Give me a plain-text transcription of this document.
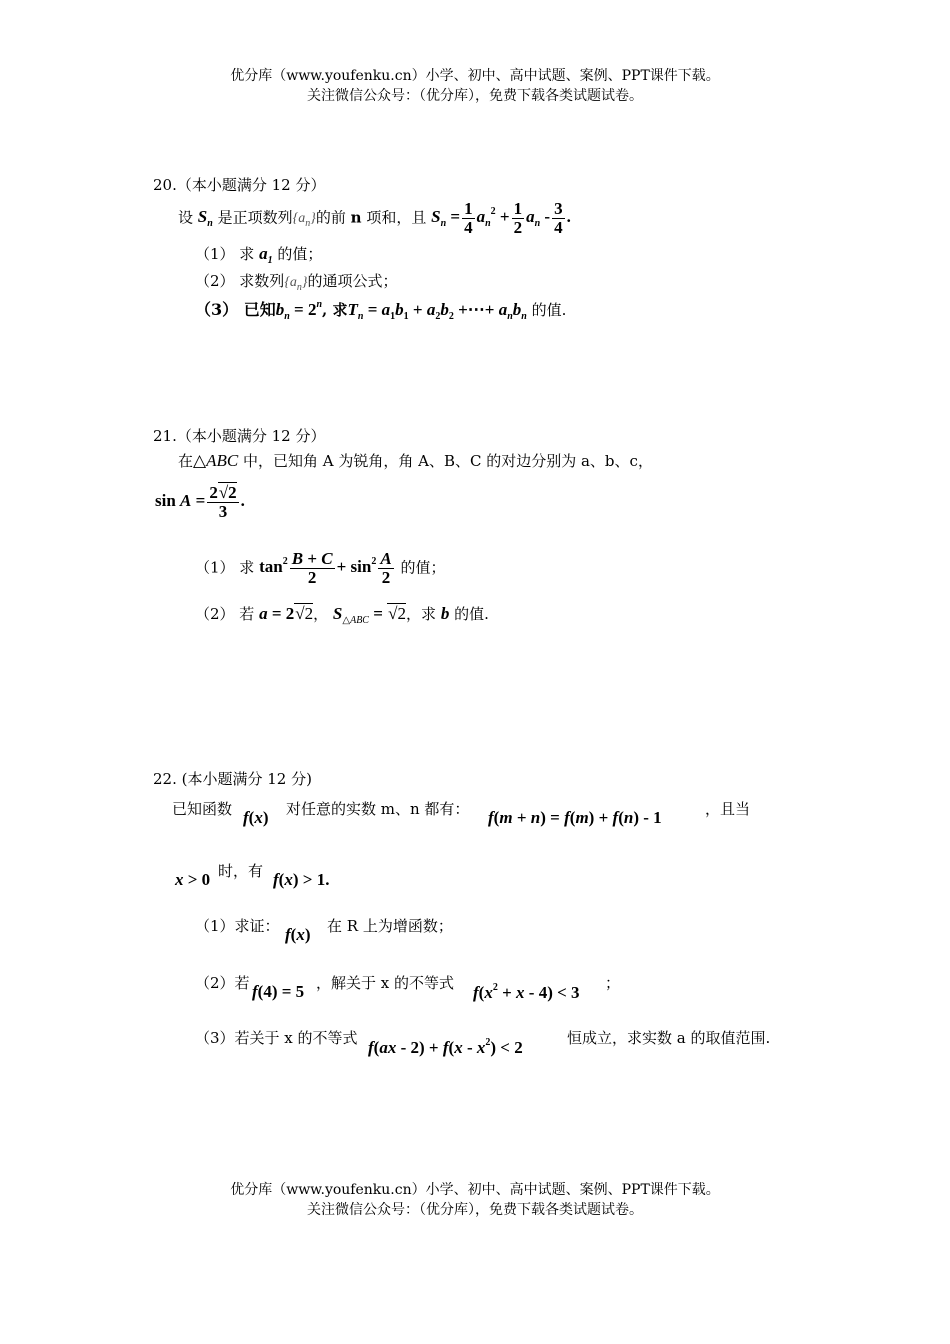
优分库（www.youfenku.cn）小学、初中、高中试题、案例、PPT课件下载。
关注微信公众号：（优分库），免费下载各类试题试卷。
20.（本小题满分 12 分）
设 $S_n$ 是正项数列$\{a_n\}$的前 n 项和，且 $S_n = \frac{1}{4} a_n^2 + \frac{1}{2} a_n - \frac{3}{4}$ .
（1） 求 $a_1$ 的值；
（2） 求数列$\{a_n\}$的通项公式；
（3） 已知$b_n = 2^n$, 求$T_n = a_1b_1 + a_2b_2$ +⋯+ $a_nb_n$ 的值.
21.（本小题满分 12 分）
在△ABC 中，已知角 A 为锐角，角 A、B、C 的对边分别为 a、b、c，
$\sin A = \frac{2√2}{3}$ .
（1） 求 $\tan^2 \frac{B + C}{2} + \sin^2 \frac{A}{2}$ 的值；
（2） 若 a = 2√2， $S_{\triangle ABC} = √2$，求 b 的值.
22. (本小题满分 12 分)
已知函数 f(x) 对任意的实数 m、n 都有： f(m + n) = f(m) + f(n) - 1	，且当
x > 0 时，有 f(x) > 1.
（1）求证： f(x) 在 R 上为增函数；
（2）若 f(4) = 5 ，解关于 x 的不等式 $f(x^2 + x - 4) < 3$ ；
（3）若关于 x 的不等式 $f(ax - 2) + f(x - x^2) < 2$	恒成立，求实数 a 的取值范围.
优分库（www.youfenku.cn）小学、初中、高中试题、案例、PPT课件下载。
关注微信公众号：（优分库），免费下载各类试题试卷。
